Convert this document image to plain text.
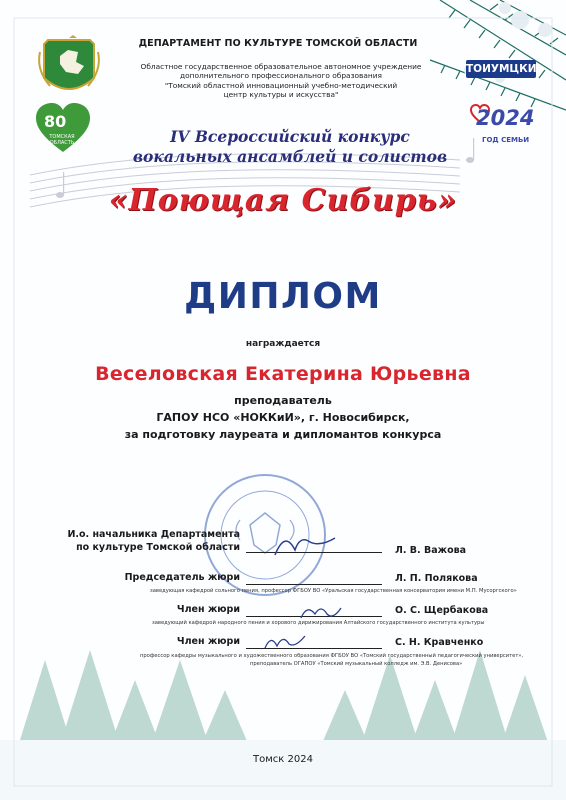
80
ТОМСКАЯ ОБЛАСТЬ
ТОИУМЦКИ
2024
ГОД СЕМЬИ
ДЕПАРТАМЕНТ ПО КУЛЬТУРЕ ТОМСКОЙ ОБЛАСТИ
Областное государственное образовательное автономное учреждение
дополнительного профессионального образования
"Томский областной инновационный учебно-методический
центр культуры и искусства"
IV Всероссийский конкурс
вокальных ансамблей и солистов
«Поющая Сибирь»
ДИПЛОМ
награждается
Веселовская Екатерина Юрьевна
преподаватель
ГАПОУ НСО «НОККиИ», г. Новосибирск,
за подготовку лауреата и дипломантов конкурса
И.о. начальника Департамента
по культуре Томской области	Л. В. Важова
Председатель жюри	Л. П. Полякова
заведующая кафедрой сольного пения, профессор ФГБОУ ВО «Уральская государственная консерватория имени М.П. Мусоргского»
Член жюри	О. С. Щербакова
заведующий кафедрой народного пения и хорового дирижирования Алтайского государственного института культуры
Член жюри	С. Н. Кравченко
профессор кафедры музыкального и художественного образования ФГБОУ ВО «Томский государственный педагогический университет»,
преподаватель ОГАПОУ «Томский музыкальный колледж им. Э.В. Денисова»
Томск 2024
